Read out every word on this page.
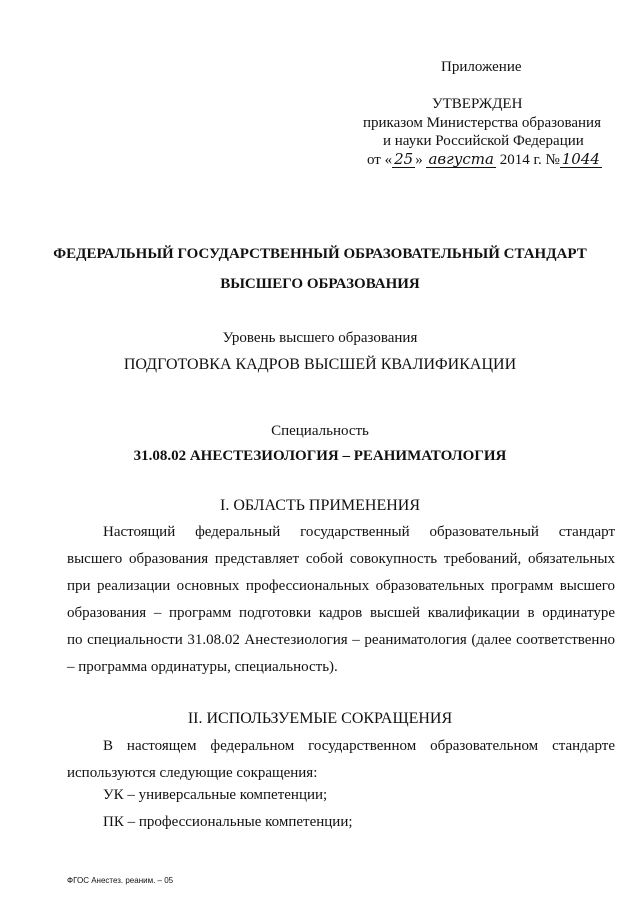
Приложение
УТВЕРЖДЕН
приказом Министерства образования
и науки Российской Федерации
от « 25 » августа 2014 г. № 1044
ФЕДЕРАЛЬНЫЙ ГОСУДАРСТВЕННЫЙ ОБРАЗОВАТЕЛЬНЫЙ СТАНДАРТ
ВЫСШЕГО ОБРАЗОВАНИЯ
Уровень высшего образования
ПОДГОТОВКА КАДРОВ ВЫСШЕЙ КВАЛИФИКАЦИИ
Специальность
31.08.02 АНЕСТЕЗИОЛОГИЯ – РЕАНИМАТОЛОГИЯ
I. ОБЛАСТЬ ПРИМЕНЕНИЯ
Настоящий федеральный государственный образовательный стандарт
высшего образования представляет собой совокупность требований, обязательных
при реализации основных профессиональных образовательных программ высшего
образования – программ подготовки кадров высшей квалификации в ординатуре
по специальности 31.08.02 Анестезиология – реаниматология (далее соответственно
– программа ординатуры, специальность).
II. ИСПОЛЬЗУЕМЫЕ СОКРАЩЕНИЯ
В настоящем федеральном государственном образовательном стандарте
используются следующие сокращения:
УК – универсальные компетенции;
ПК – профессиональные компетенции;
ФГОС Анестез. реаним. – 05
